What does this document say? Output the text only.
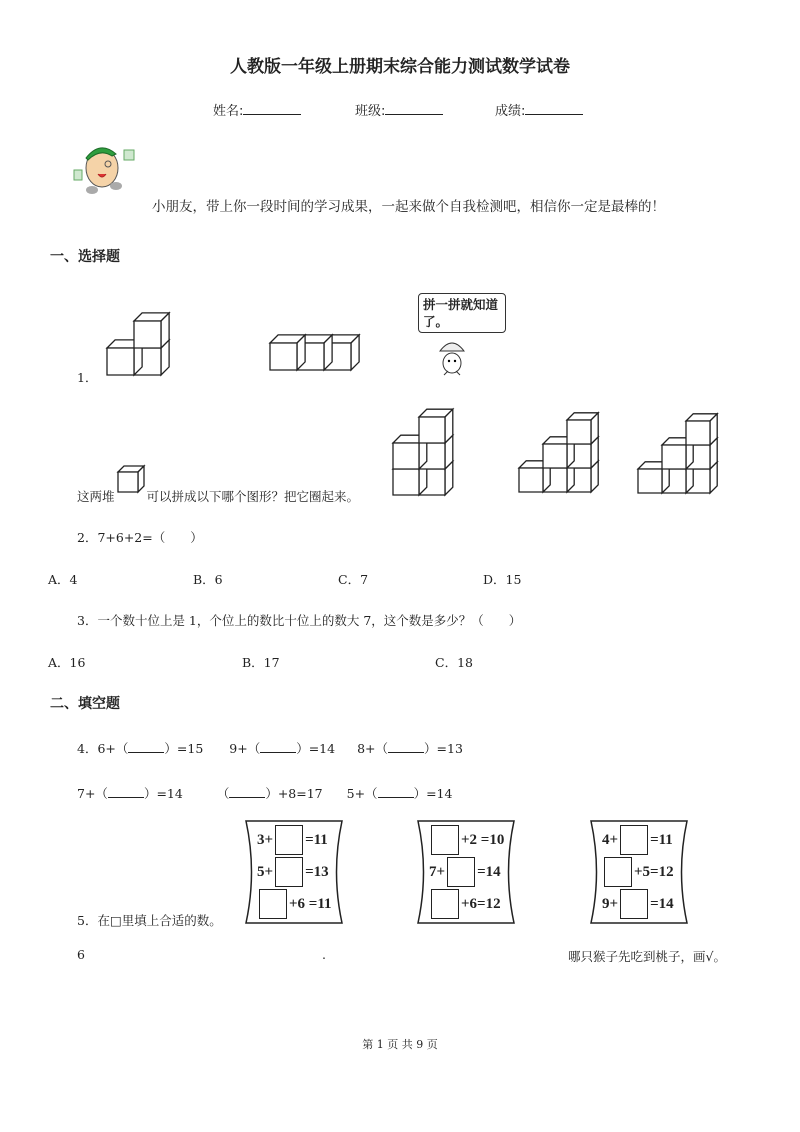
人教版一年级上册期末综合能力测试数学试卷
姓名:	班级:	成绩:
小朋友，带上你一段时间的学习成果，一起来做个自我检测吧，相信你一定是最棒的！
一、选择题
拼一拼就知道了。
1．
这两堆	可以拼成以下哪个图形？把它圈起来。
2．7+6+2=（　　）
A．4	B．6	C．7	D．15
3．一个数十位上是 1，个位上的数比十位上的数大 7，这个数是多少？（　　）
A．16	B．17	C．18
二、填空题
4．6+（	）=15 9+（	）=14 8+（	）=13
7+（	）=14	（	）+8=17 5+（	）=14
3+ =11
5+ =13
+6 =11
+2 =10
7+ =14
+6=12
4+ =11
+5=12
9+ =14
5．在□里填上合适的数。
6	.	哪只猴子先吃到桃子，画√。
第 1 页 共 9 页
